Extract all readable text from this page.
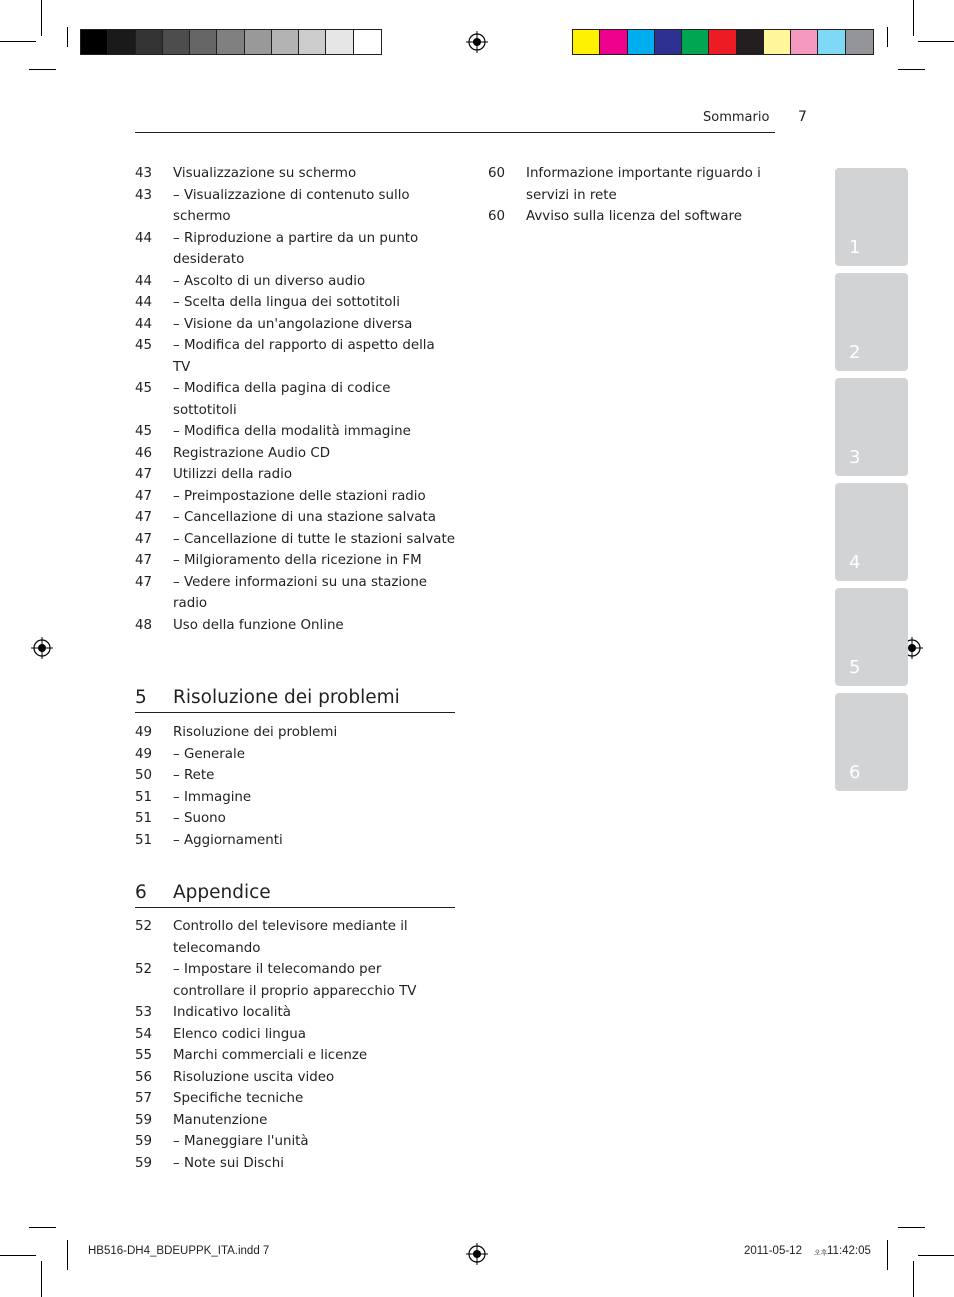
Sommario 7
43	Visualizzazione su schermo
43	– Visualizzazione di contenuto sullo schermo
44	– Riproduzione a partire da un punto desiderato
44	– Ascolto di un diverso audio
44	– Scelta della lingua dei sottotitoli
44	– Visione da un'angolazione diversa
45	– Modifica del rapporto di aspetto della TV
45	– Modifica della pagina di codice sottotitoli
45	– Modifica della modalità immagine
46	Registrazione Audio CD
47	Utilizzi della radio
47	– Preimpostazione delle stazioni radio
47	– Cancellazione di una stazione salvata
47	– Cancellazione di tutte le stazioni salvate
47	– Milgioramento della ricezione in FM
47	– Vedere informazioni su una stazione radio
48	Uso della funzione Online
5	Risoluzione dei problemi
49	Risoluzione dei problemi
49	– Generale
50	– Rete
51	– Immagine
51	– Suono
51	– Aggiornamenti
6	Appendice
52	Controllo del televisore mediante il telecomando
52	– Impostare il telecomando per controllare il proprio apparecchio TV
53	Indicativo località
54	Elenco codici lingua
55	Marchi commerciali e licenze
56	Risoluzione uscita video
57	Specifiche tecniche
59	Manutenzione
59	– Maneggiare l'unità
59	– Note sui Dischi
60	Informazione importante riguardo i servizi in rete
60	Avviso sulla licenza del software
1
2
3
4
5
6
HB516-DH4_BDEUPPK_ITA.indd 7	2011-05-12 오후 11:42:05
